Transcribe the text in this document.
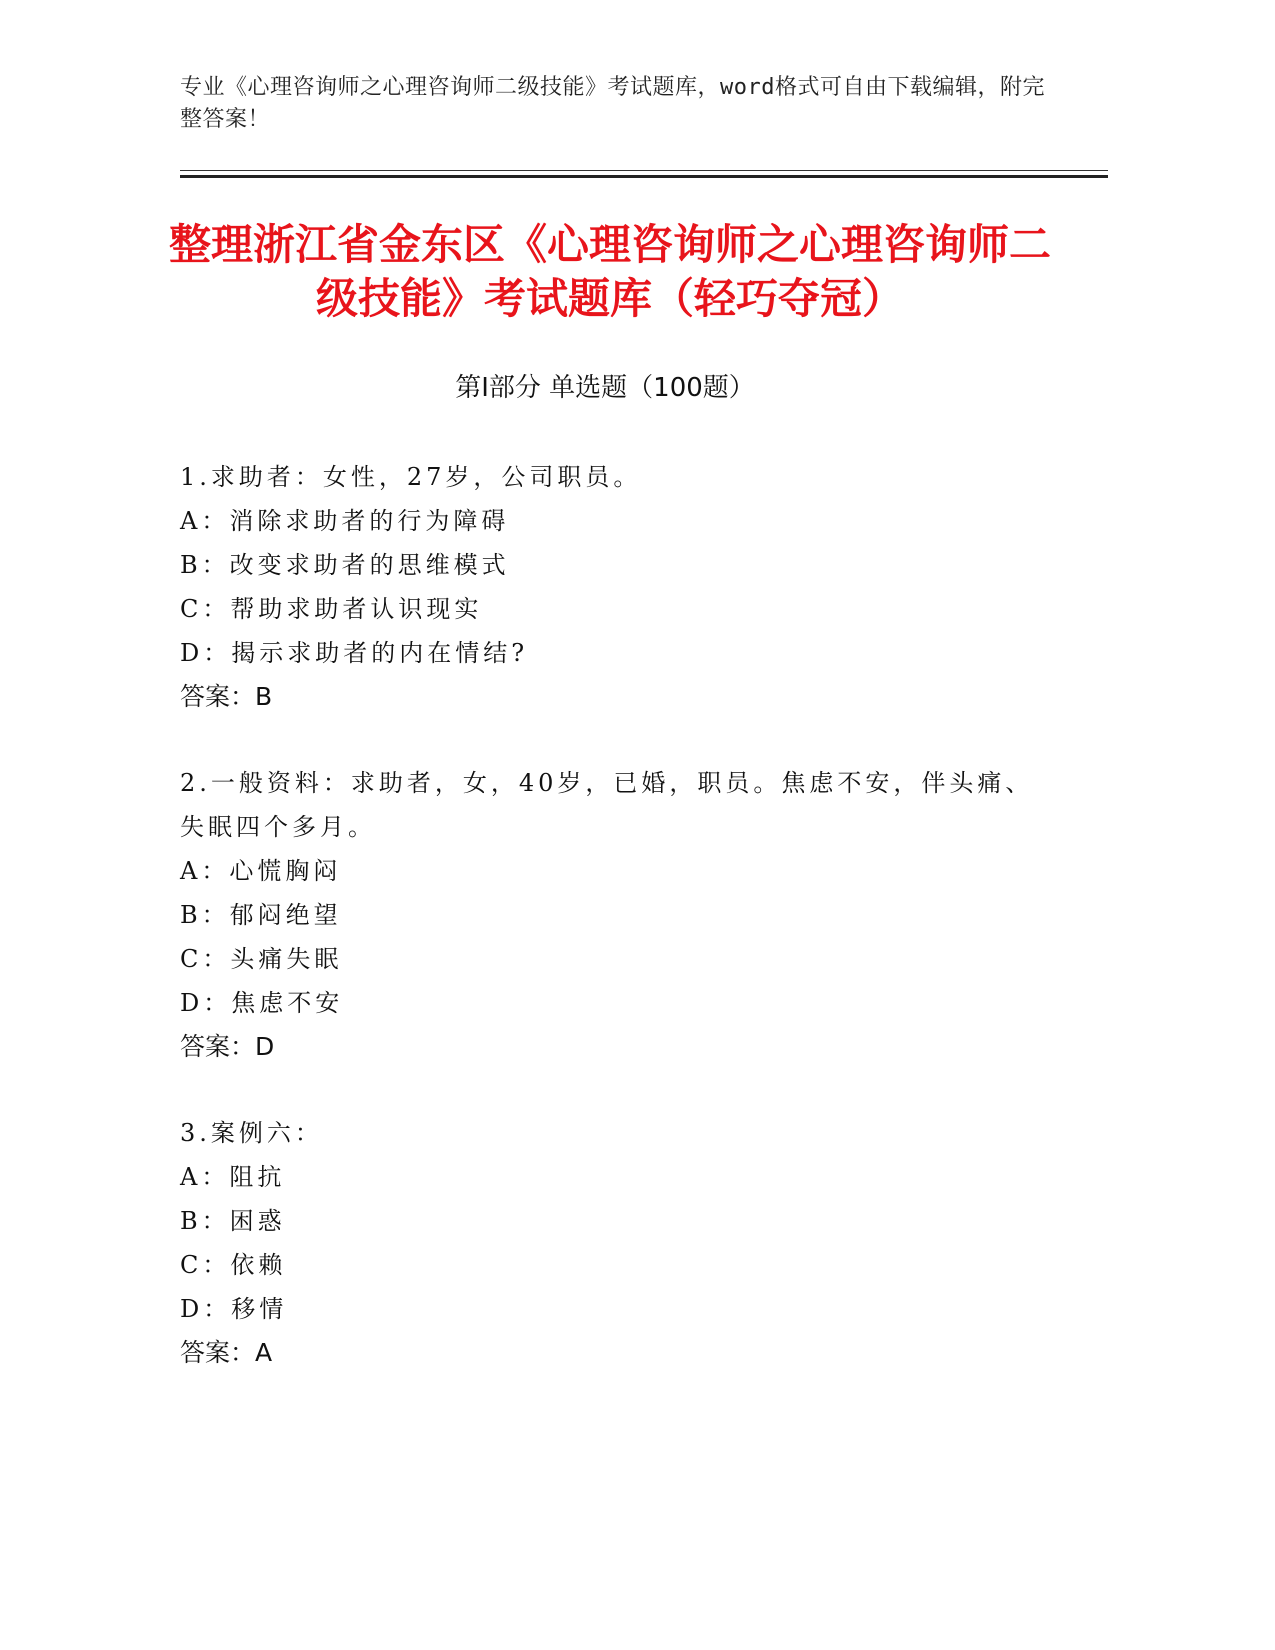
专业《心理咨询师之心理咨询师二级技能》考试题库，word格式可自由下载编辑，附完整答案！
整理浙江省金东区《心理咨询师之心理咨询师二级技能》考试题库（轻巧夺冠）
第Ⅰ部分 单选题（100题）
1.求助者：女性，27岁，公司职员。
A：消除求助者的行为障碍
B：改变求助者的思维模式
C：帮助求助者认识现实
D：揭示求助者的内在情结?
答案：B
2.一般资料：求助者，女，40岁，已婚，职员。焦虑不安，伴头痛、失眠四个多月。
A：心慌胸闷
B：郁闷绝望
C：头痛失眠
D：焦虑不安
答案：D
3.案例六：
A：阻抗
B：困惑
C：依赖
D：移情
答案：A
